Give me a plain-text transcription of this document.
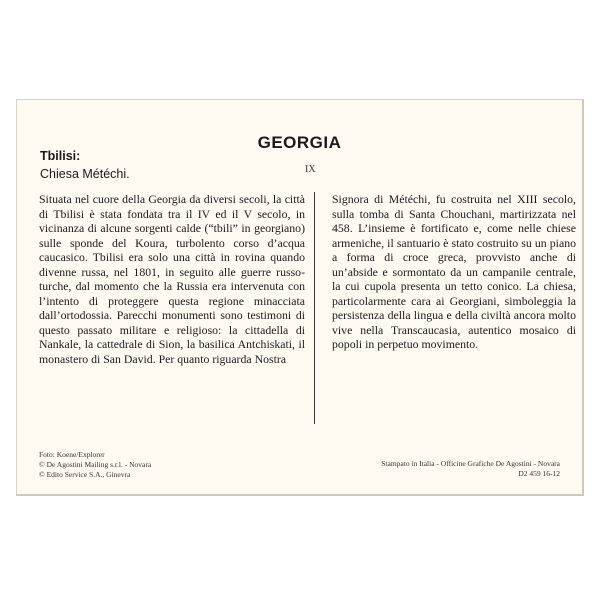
GEORGIA
IX
Tbilisi:
Chiesa Météchi.
Situata nel cuore della Georgia da diversi secoli, la città di Tbilisi è stata fondata tra il IV ed il V secolo, in vicinanza di alcune sorgenti calde (“tbili” in georgiano) sulle sponde del Koura, turbolento corso d’acqua caucasico. Tbilisi era solo una città in rovina quando divenne russa, nel 1801, in seguito alle guerre russo-turche, dal momento che la Russia era intervenuta con l’intento di proteggere questa regione minacciata dall’ortodossia. Parecchi monumenti sono testimoni di questo passato militare e religioso: la cittadella di Nankale, la cattedrale di Sion, la basilica Antchiskati, il monastero di San David. Per quanto riguarda Nostra
Signora di Météchi, fu costruita nel XIII secolo, sulla tomba di Santa Chouchani, martirizzata nel 458. L’insieme è fortificato e, come nelle chiese armeniche, il santuario è stato costruito su un piano a forma di croce greca, provvisto anche di un’abside e sormontato da un campanile centrale, la cui cupola presenta un tetto conico. La chiesa, particolarmente cara ai Georgiani, simboleggia la persistenza della lingua e della civiltà ancora molto vive nella Transcaucasia, autentico mosaico di popoli in perpetuo movimento.
Foto: Koene/Explorer
© De Agostini Mailing s.r.l. - Novara
© Edito Service S.A., Ginevra
Stampato in Italia - Officine Grafiche De Agostini - Novara
D2 459 16-12
